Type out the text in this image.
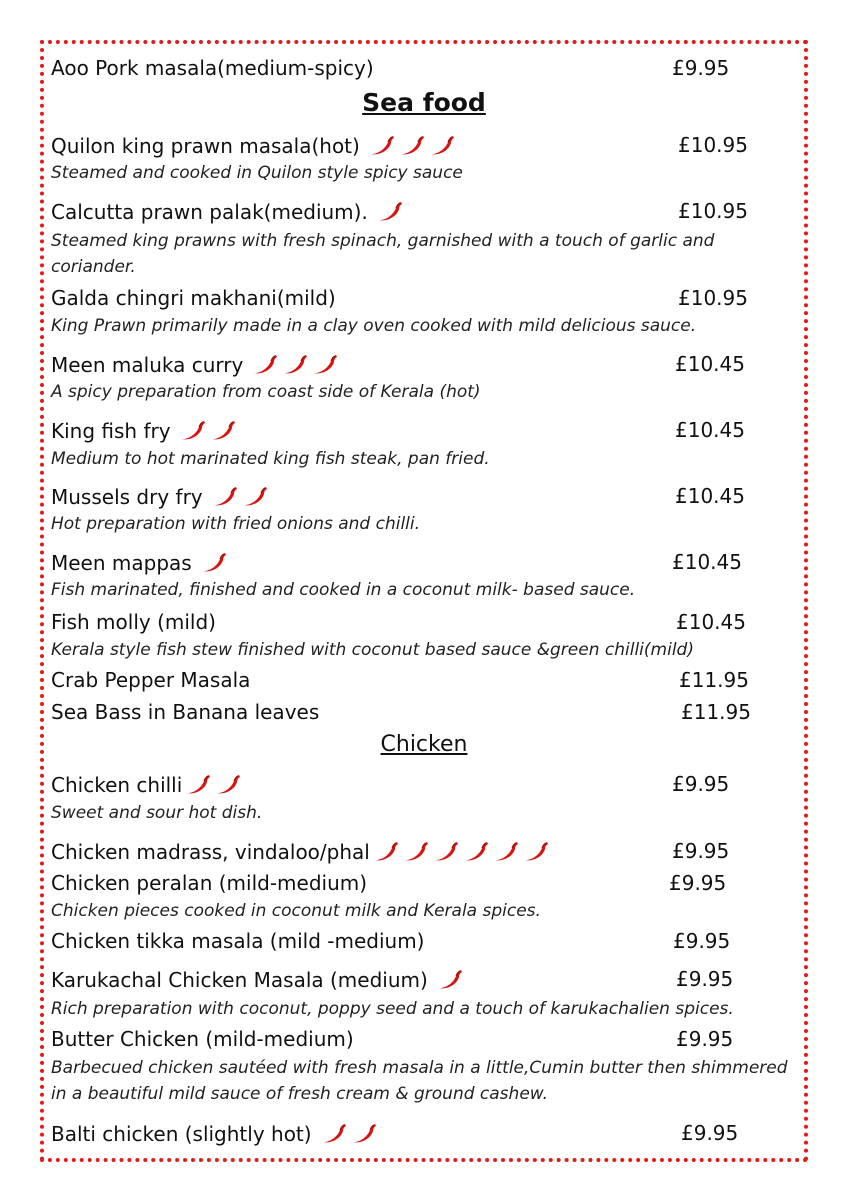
Aoo Pork masala(medium-spicy)	£9.95
Sea food
Quilon king prawn masala(hot)	£10.95
Steamed and cooked in Quilon style spicy sauce
Calcutta prawn palak(medium).	£10.95
Steamed king prawns with fresh spinach, garnished with a touch of garlic and coriander.
Galda chingri makhani(mild)	£10.95
King Prawn primarily made in a clay oven cooked with mild delicious sauce.
Meen maluka curry	£10.45
A spicy preparation from coast side of Kerala (hot)
King fish fry	£10.45
Medium to hot marinated king fish steak, pan fried.
Mussels dry fry	£10.45
Hot preparation with fried onions and chilli.
Meen mappas	£10.45
Fish marinated, finished and cooked in a coconut milk- based sauce.
Fish molly (mild)	£10.45
Kerala style fish stew finished with coconut based sauce &green chilli(mild)
Crab Pepper Masala	£11.95
Sea Bass in Banana leaves	£11.95
Chicken
Chicken chilli	£9.95
Sweet and sour hot dish.
Chicken madrass, vindaloo/phal	£9.95
Chicken peralan (mild-medium)	£9.95
Chicken pieces cooked in coconut milk and Kerala spices.
Chicken tikka masala (mild -medium)	£9.95
Karukachal Chicken Masala (medium)	£9.95
Rich preparation with coconut, poppy seed and a touch of karukachalien spices.
Butter Chicken (mild-medium)	£9.95
Barbecued chicken sautéed with fresh masala in a little,Cumin butter then shimmered in a beautiful mild sauce of fresh cream & ground cashew.
Balti chicken (slightly hot)	£9.95
